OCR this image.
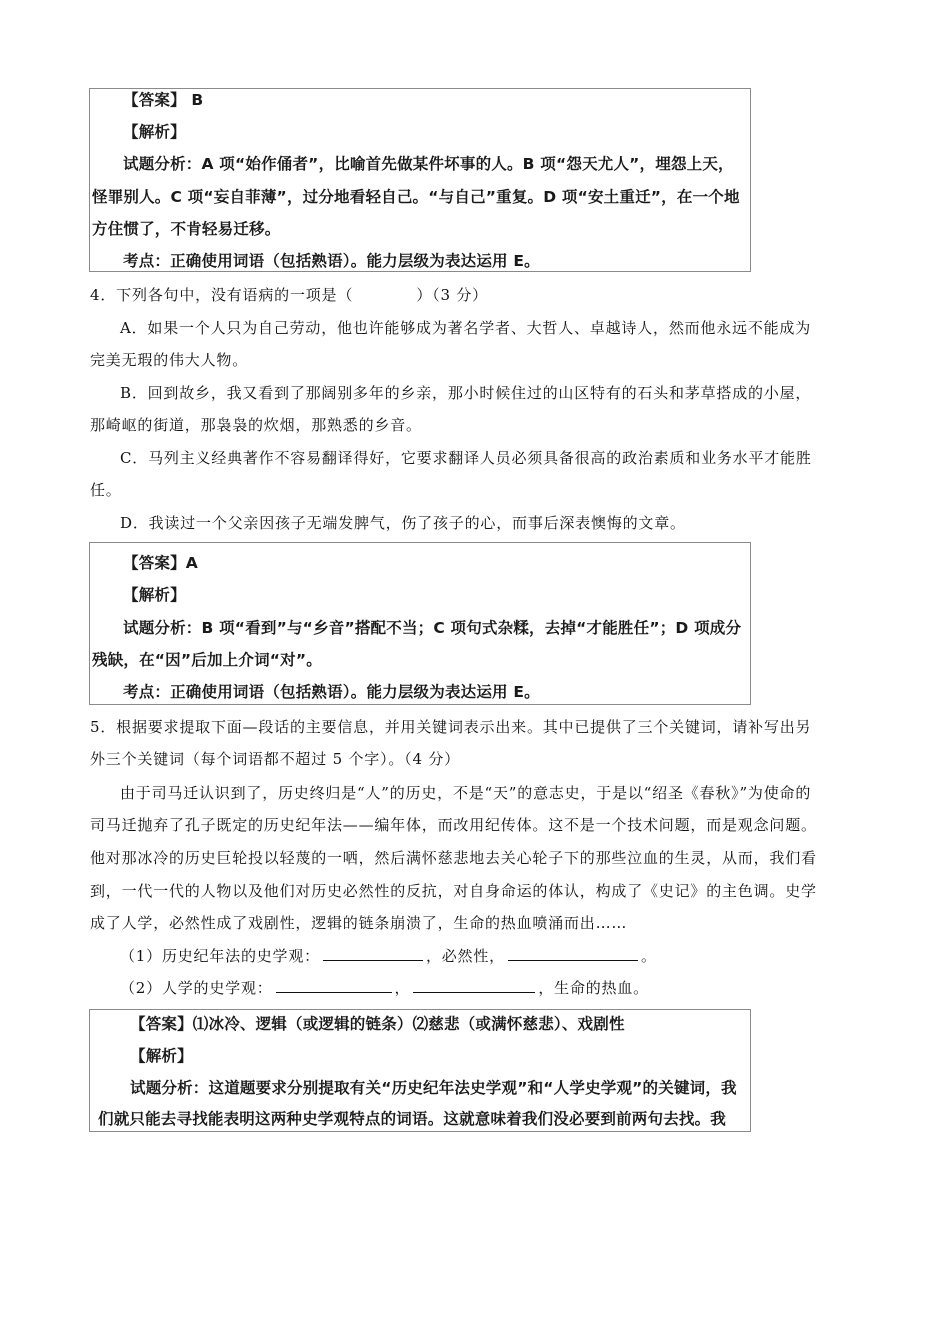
【答案】 B
【解析】
试题分析：A 项“始作俑者”，比喻首先做某件坏事的人。B 项“怨天尤人”，埋怨上天，
怪罪别人。C 项“妄自菲薄”，过分地看轻自己。“与自己”重复。D 项“安土重迁”，在一个地
方住惯了，不肯轻易迁移。
考点：正确使用词语（包括熟语）。能力层级为表达运用 E。
4．下列各句中，没有语病的一项是（　　　　）（3 分）
A．如果一个人只为自己劳动，他也许能够成为著名学者、大哲人、卓越诗人，然而他永远不能成为
完美无瑕的伟大人物。
B．回到故乡，我又看到了那阔别多年的乡亲，那小时候住过的山区特有的石头和茅草搭成的小屋，
那崎岖的街道，那袅袅的炊烟，那熟悉的乡音。
C．马列主义经典著作不容易翻译得好，它要求翻译人员必须具备很高的政治素质和业务水平才能胜
任。
D．我读过一个父亲因孩子无端发脾气，伤了孩子的心，而事后深表懊悔的文章。
【答案】A
【解析】
试题分析：B 项“看到”与“乡音”搭配不当；C 项句式杂糅，去掉“才能胜任”；D 项成分
残缺，在“因”后加上介词“对”。
考点：正确使用词语（包括熟语）。能力层级为表达运用 E。
5．根据要求提取下面—段话的主要信息，并用关键词表示出来。其中已提供了三个关键词，请补写出另
外三个关键词（每个词语都不超过 5 个字）。（4 分）
由于司马迁认识到了，历史终归是“人”的历史，不是“天”的意志史，于是以“绍圣《春秋》”为使命的
司马迁抛弃了孔子既定的历史纪年法——编年体，而改用纪传体。这不是一个技术问题，而是观念问题。
他对那冰冷的历史巨轮投以轻蔑的一哂，然后满怀慈悲地去关心轮子下的那些泣血的生灵，从而，我们看
到，一代一代的人物以及他们对历史必然性的反抗，对自身命运的体认，构成了《史记》的主色调。史学
成了人学，必然性成了戏剧性，逻辑的链条崩溃了，生命的热血喷涌而出……
（1）历史纪年法的史学观：	，必然性，	。
（2）人学的史学观：	，	，生命的热血。
【答案】⑴冰冷、逻辑（或逻辑的链条）⑵慈悲（或满怀慈悲）、戏剧性
【解析】
试题分析：这道题要求分别提取有关“历史纪年法史学观”和“人学史学观”的关键词，我
们就只能去寻找能表明这两种史学观特点的词语。这就意味着我们没必要到前两句去找。我
